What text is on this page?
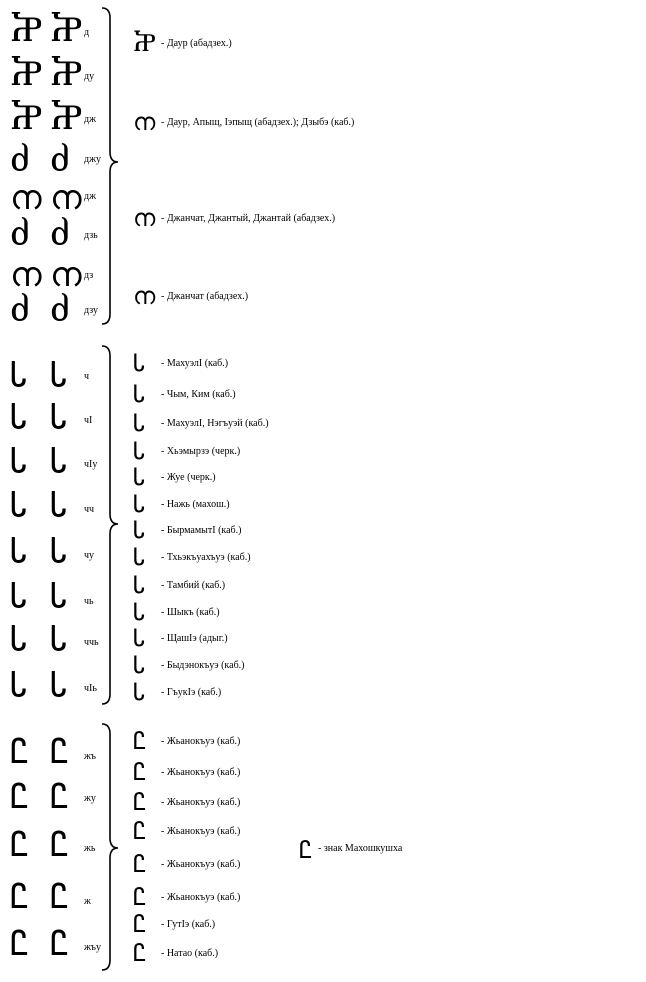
Ⴟ Ⴟ д
Ⴟ Ⴟ ду
Ⴟ Ⴟ дж
ძ ძ джу
ന ന дж
ძ ძ дзь
ന ന дз
ძ ძ дзу
Ⴟ - Даур (абадзех.)
ന - Даур, Апыщ, Iэпыщ (абадзех.); Дзыбэ (каб.)
ന - Джанчат, Джантый, Джантай (абадзех.)
ന - Джанчат (абадзех.)
Ꮣ Ꮣ ч
Ꮣ Ꮣ чI
Ꮣ Ꮣ чIу
Ꮣ Ꮣ чч
Ꮣ Ꮣ чу
Ꮣ Ꮣ чь
Ꮣ Ꮣ ччь
Ꮣ Ꮣ чIь
Ꮣ - МахуэлI (каб.)
Ꮣ - Чым, Ким (каб.)
Ꮣ - МахуэлI, Нэгъуэй (каб.)
Ꮣ - Хьэмырзэ (черк.)
Ꮣ - Жуе (черк.)
Ꮣ - Нажь (махош.)
Ꮣ - БырмамытI (каб.)
Ꮣ - Тхьэкъуахъуэ (каб.)
Ꮣ - Тамбий (каб.)
Ꮣ - Шыкъ (каб.)
Ꮣ - ЩашIэ (адыг.)
Ꮣ - Быдэнокъуэ (каб.)
Ꮣ - ГъукIэ (каб.)
Ꮭ Ꮭ жъ
Ꮭ Ꮭ жу
Ꮭ Ꮭ жь
Ꮭ Ꮭ ж
Ꮭ Ꮭ жъу
Ꮭ - Жьанокъуэ (каб.)
Ꮭ - Жьанокъуэ (каб.)
Ꮭ - Жьанокъуэ (каб.)
Ꮭ - Жьанокъуэ (каб.)
Ꮭ - Жьанокъуэ (каб.)
Ꮭ - Жьанокъуэ (каб.)
Ꮭ - ГутIэ (каб.)
Ꮭ - Натао (каб.)
Ꮭ - знак Махошкушха
